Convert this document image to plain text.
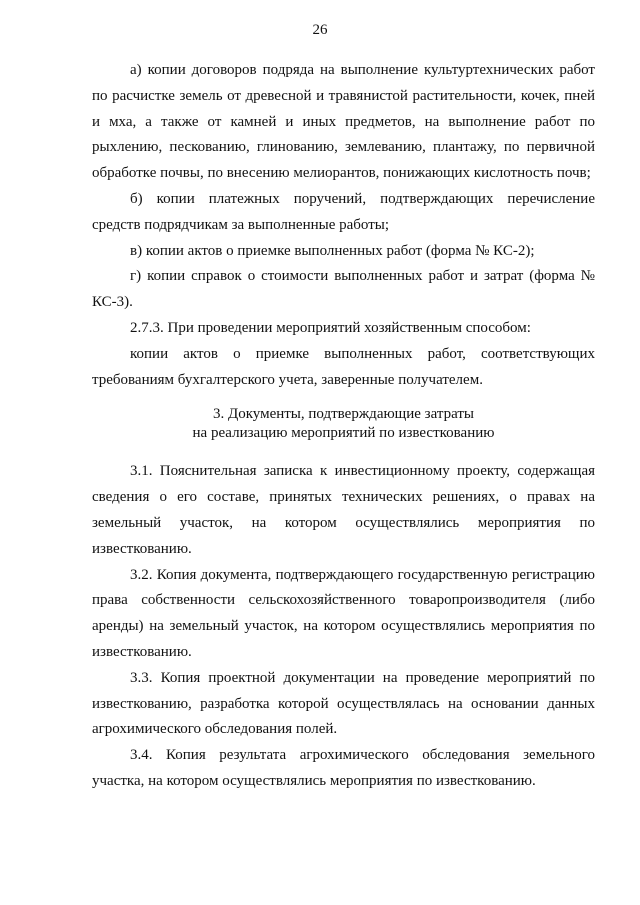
26

а) копии договоров подряда на выполнение культуртехнических работ по расчистке земель от древесной и травянистой растительности, кочек, пней и мха, а также от камней и иных предметов, на выполнение работ по рыхлению, пескованию, глинованию, землеванию, плантажу, по первичной обработке почвы, по внесению мелиорантов, понижающих кислотность почв;

б) копии платежных поручений, подтверждающих перечисление средств подрядчикам за выполненные работы;

в) копии актов о приемке выполненных работ (форма № КС-2);

г) копии справок о стоимости выполненных работ и затрат (форма № КС-3).

2.7.3. При проведении мероприятий хозяйственным способом:

копии актов о приемке выполненных работ, соответствующих требованиям бухгалтерского учета, заверенные получателем.

3. Документы, подтверждающие затраты
на реализацию мероприятий по известкованию

3.1. Пояснительная записка к инвестиционному проекту, содержащая сведения о его составе, принятых технических решениях, о правах на земельный участок, на котором осуществлялись мероприятия по известкованию.

3.2. Копия документа, подтверждающего государственную регистрацию права собственности сельскохозяйственного товаропроизводителя (либо аренды) на земельный участок, на котором осуществлялись мероприятия по известкованию.

3.3. Копия проектной документации на проведение мероприятий по известкованию, разработка которой осуществлялась на основании данных агрохимического обследования полей.

3.4. Копия результата агрохимического обследования земельного участка, на котором осуществлялись мероприятия по известкованию.
